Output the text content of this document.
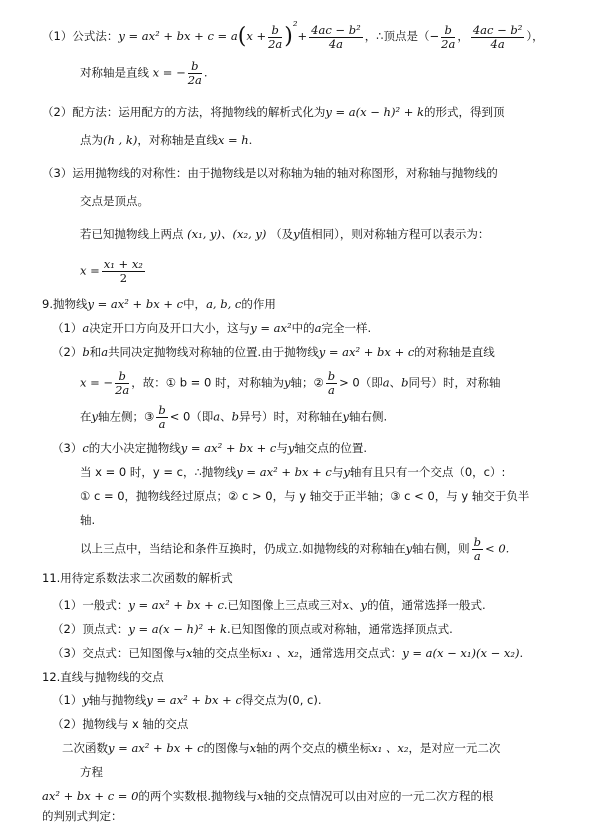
（1）公式法：y = ax² + bx + $c = a(x + \frac{b}{2a} )^2+ \frac{\text{4ac − b²}}{4a}$ ，∴顶点是（− $\frac{b}{2a}$ ， $\frac{\text{4ac − b²}}{4a}$ ），
对称轴是直线 x = − $\frac{b}{2a}$ .
（2）配方法：运用配方的方法，将抛物线的解析式化为y = a(x − h)² + k的形式，得到顶
点为(h , k)，对称轴是直线x = h.
（3）运用抛物线的对称性：由于抛物线是以对称轴为轴的轴对称图形，对称轴与抛物线的
交点是顶点。
若已知抛物线上两点 (x₁, y)、(x₂, y) （及y值相同），则对称轴方程可以表示为：
$x = \frac{\text{x₁ + x₂}}{2}$
9.抛物线y = ax² + bx + c中，a, b, c的作用
（1）a决定开口方向及开口大小，这与y = ax²中的a完全一样.
（2）b和a共同决定抛物线对称轴的位置.由于抛物线y = ax² + bx + c的对称轴是直线
x = − $\frac{b}{2a}$ ，故：① b = 0 时，对称轴为y轴；② $\frac{b}{a} > 0$（即a、b同号）时，对称轴
在y轴左侧；③ $\frac{b}{a} < 0$（即a、b异号）时，对称轴在y轴右侧.
（3）c的大小决定抛物线y = ax² + bx + c与y轴交点的位置.
当 x = 0 时，y = c，∴抛物线y = ax² + bx + c与y轴有且只有一个交点（0，c）:
① c = 0，抛物线经过原点；② c > 0，与 y 轴交于正半轴；③ c < 0，与 y 轴交于负半
轴.
以上三点中，当结论和条件互换时，仍成立.如抛物线的对称轴在y轴右侧，则 $\frac{b}{a} < 0$.
11.用待定系数法求二次函数的解析式
（1）一般式：y = ax² + bx + c.已知图像上三点或三对x、y的值，通常选择一般式.
（2）顶点式：y = a(x − h)² + k.已知图像的顶点或对称轴，通常选择顶点式.
（3）交点式：已知图像与x轴的交点坐标x₁ 、x₂，通常选用交点式：y = a(x − x₁)(x − x₂).
12.直线与抛物线的交点
（1）y轴与抛物线y = ax² + bx + c得交点为(0, c).
（2）抛物线与 x 轴的交点
二次函数y = ax² + bx + c的图像与x轴的两个交点的横坐标x₁ 、x₂，是对应一元二次
方程
ax² + bx + c = 0的两个实数根.抛物线与x轴的交点情况可以由对应的一元二次方程的根
的判别式判定：
